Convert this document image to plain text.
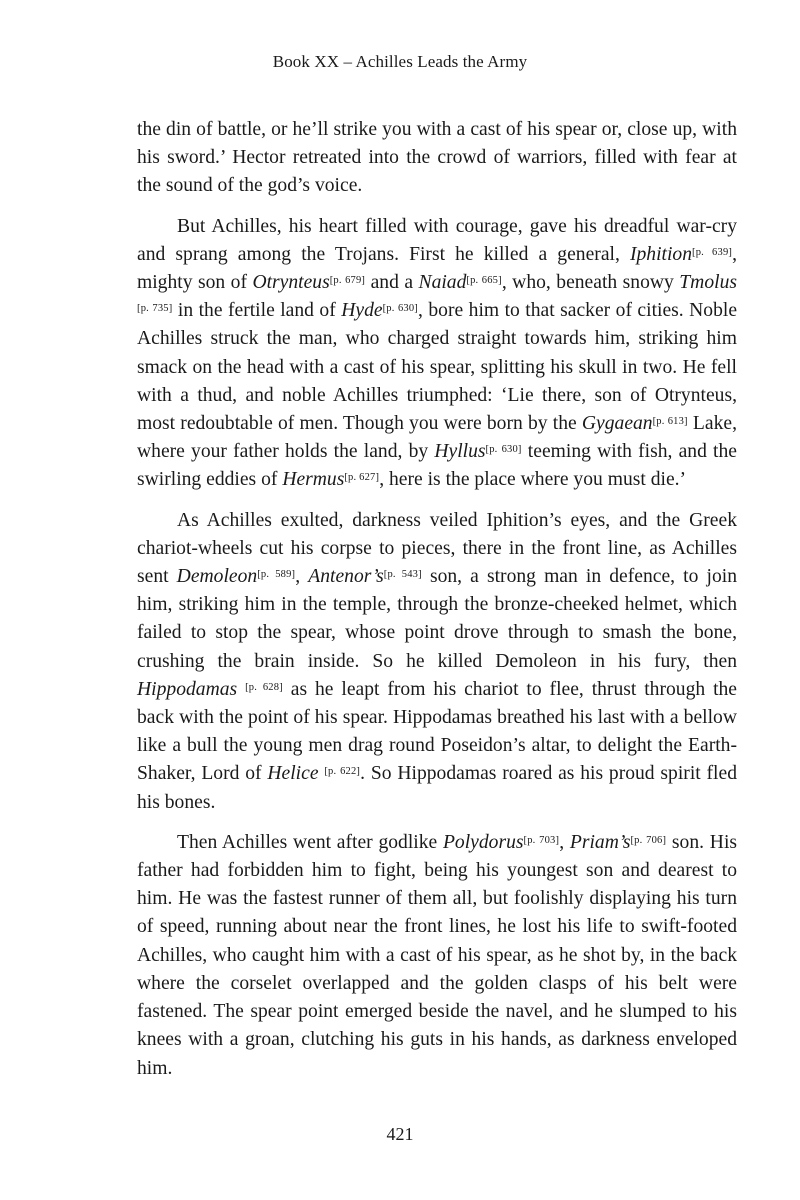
Book XX – Achilles Leads the Army

the din of battle, or he’ll strike you with a cast of his spear or, close up, with his sword.’ Hector retreated into the crowd of warriors, filled with fear at the sound of the god’s voice.

But Achilles, his heart filled with courage, gave his dreadful war-cry and sprang among the Trojans. First he killed a general, Iphition[p. 639], mighty son of Otrynteus[p. 679] and a Naiad[p. 665], who, beneath snowy Tmolus [p. 735] in the fertile land of Hyde[p. 630], bore him to that sacker of cities. Noble Achilles struck the man, who charged straight towards him, striking him smack on the head with a cast of his spear, splitting his skull in two. He fell with a thud, and noble Achilles triumphed: ‘Lie there, son of Otrynteus, most redoubtable of men. Though you were born by the Gygaean[p. 613] Lake, where your father holds the land, by Hyllus[p. 630] teeming with fish, and the swirling eddies of Hermus[p. 627], here is the place where you must die.’

As Achilles exulted, darkness veiled Iphition’s eyes, and the Greek chariot-wheels cut his corpse to pieces, there in the front line, as Achilles sent Demoleon[p. 589], Antenor’s[p. 543] son, a strong man in defence, to join him, striking him in the temple, through the bronze-cheeked helmet, which failed to stop the spear, whose point drove through to smash the bone, crushing the brain inside. So he killed Demoleon in his fury, then Hippodamas [p. 628] as he leapt from his chariot to flee, thrust through the back with the point of his spear. Hippodamas breathed his last with a bellow like a bull the young men drag round Poseidon’s altar, to delight the Earth-Shaker, Lord of Helice [p. 622]. So Hippodamas roared as his proud spirit fled his bones.

Then Achilles went after godlike Polydorus[p. 703], Priam’s[p. 706] son. His father had forbidden him to fight, being his youngest son and dearest to him. He was the fastest runner of them all, but foolishly displaying his turn of speed, running about near the front lines, he lost his life to swift-footed Achilles, who caught him with a cast of his spear, as he shot by, in the back where the corselet overlapped and the golden clasps of his belt were fastened. The spear point emerged beside the navel, and he slumped to his knees with a groan, clutching his guts in his hands, as darkness enveloped him.

421
